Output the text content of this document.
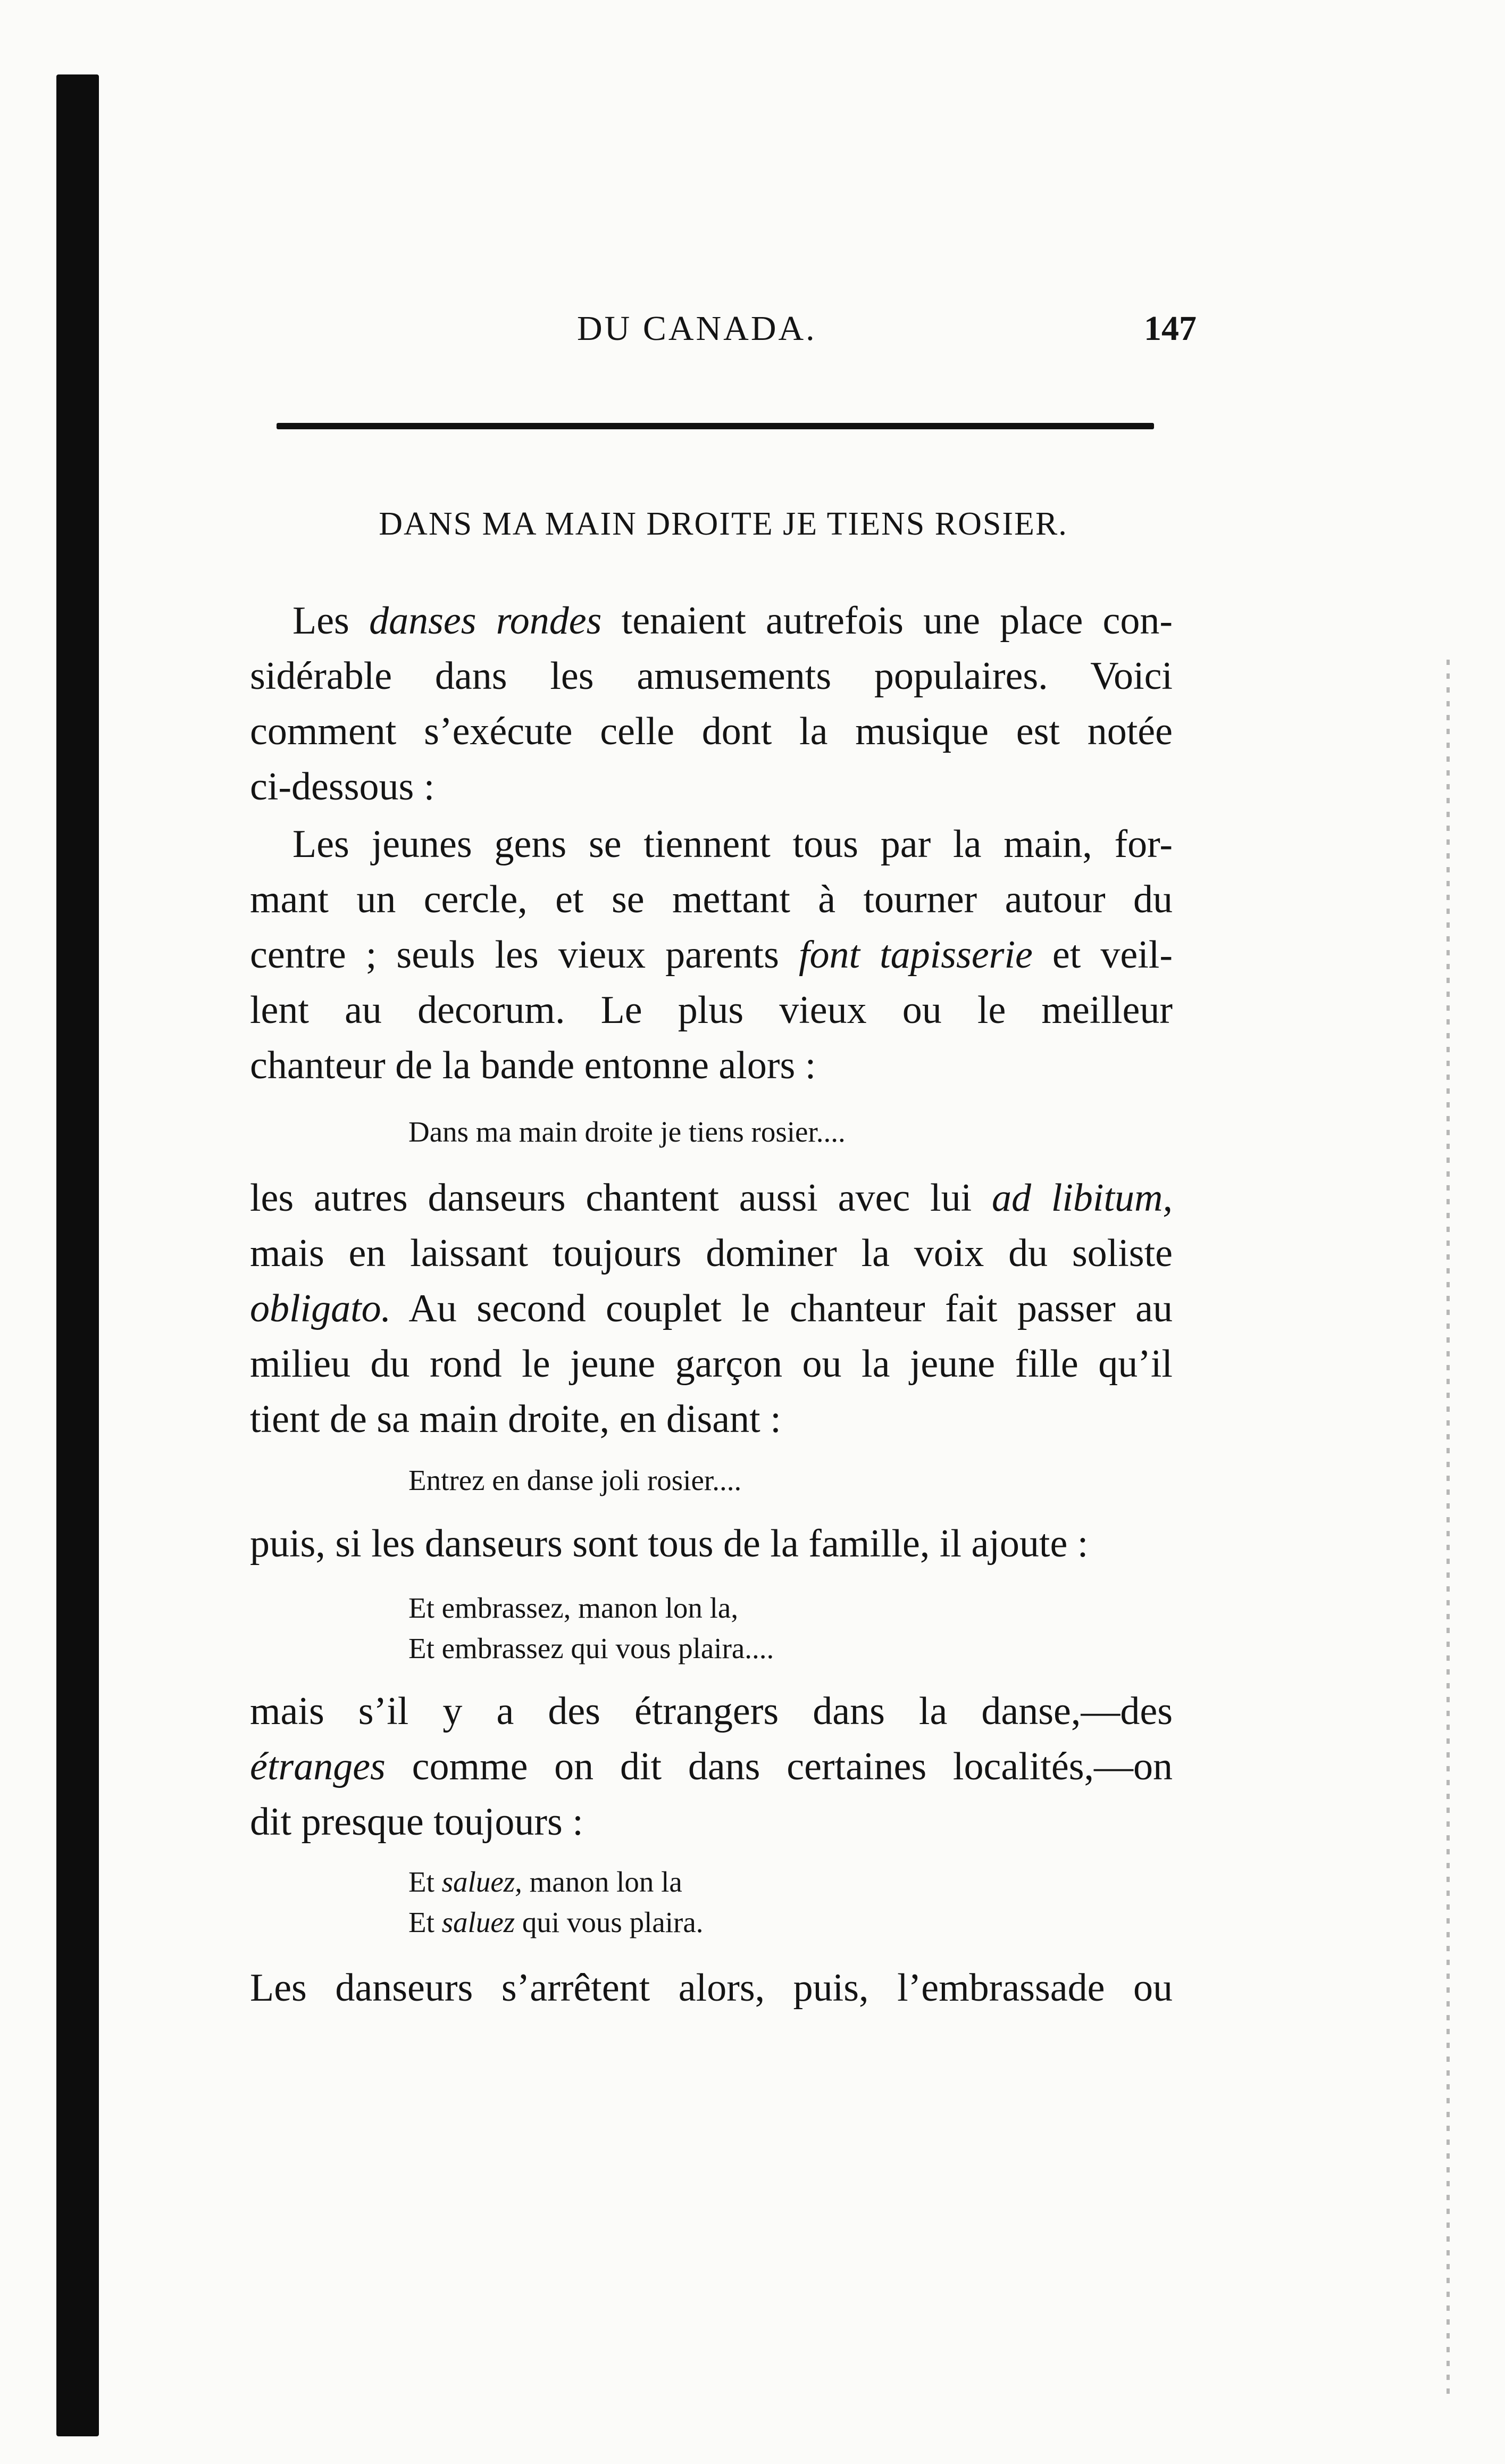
DU CANADA.	147
DANS MA MAIN DROITE JE TIENS ROSIER.
Les danses rondes tenaient autrefois une place con-
sidérable dans les amusements populaires. Voici
comment s’exécute celle dont la musique est notée
ci-dessous :
Les jeunes gens se tiennent tous par la main, for-
mant un cercle, et se mettant à tourner autour du
centre ; seuls les vieux parents font tapisserie et veil-
lent au decorum. Le plus vieux ou le meilleur
chanteur de la bande entonne alors :
Dans ma main droite je tiens rosier....
les autres danseurs chantent aussi avec lui ad libitum,
mais en laissant toujours dominer la voix du soliste
obligato. Au second couplet le chanteur fait passer au
milieu du rond le jeune garçon ou la jeune fille qu’il
tient de sa main droite, en disant :
Entrez en danse joli rosier....
puis, si les danseurs sont tous de la famille, il ajoute :
Et embrassez, manon lon la,
Et embrassez qui vous plaira....
mais s’il y a des étrangers dans la danse,—des
étranges comme on dit dans certaines localités,—on
dit presque toujours :
Et saluez, manon lon la
Et saluez qui vous plaira.
Les danseurs s’arrêtent alors, puis, l’embrassade ou
